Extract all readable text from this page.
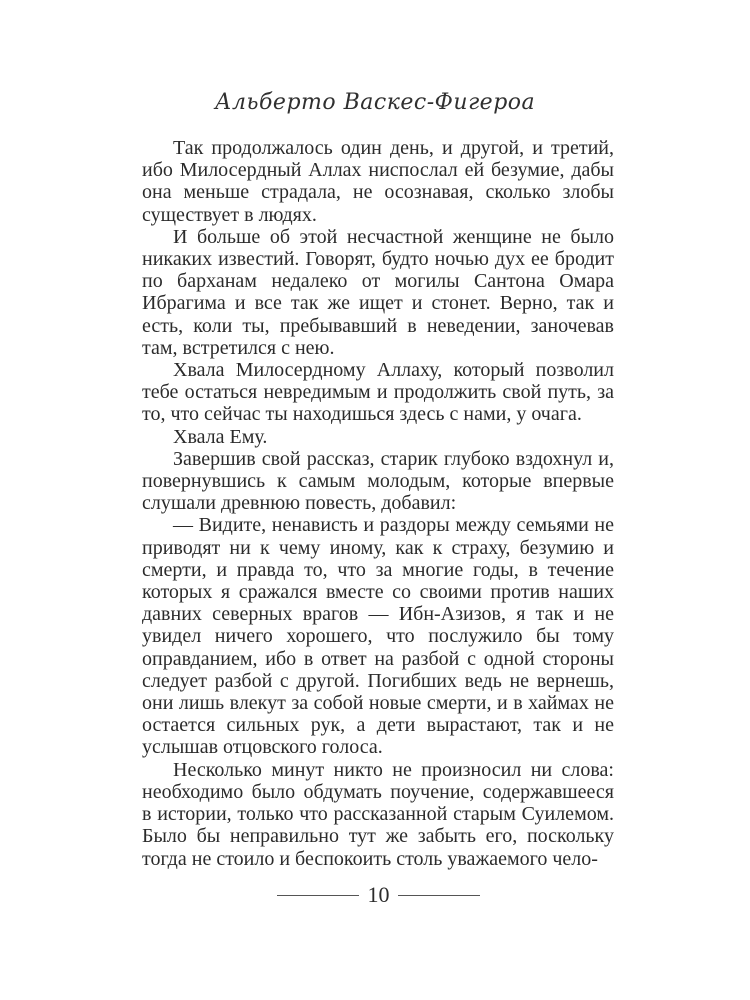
Альберто Васкес-Фигероа

Так продолжалось один день, и другой, и третий, ибо Милосердный Аллах ниспослал ей безумие, дабы она меньше страдала, не осознавая, сколько злобы существует в людях.

И больше об этой несчастной женщине не было никаких известий. Говорят, будто ночью дух ее бродит по барханам недалеко от могилы Сантона Омара Ибрагима и все так же ищет и стонет. Верно, так и есть, коли ты, пребывавший в неведении, заночевав там, встретился с нею.

Хвала Милосердному Аллаху, который позволил тебе остаться невредимым и продолжить свой путь, за то, что сейчас ты находишься здесь с нами, у очага.

Хвала Ему.

Завершив свой рассказ, старик глубоко вздохнул и, повернувшись к самым молодым, которые впервые слушали древнюю повесть, добавил:

— Видите, ненависть и раздоры между семьями не приводят ни к чему иному, как к страху, безумию и смерти, и правда то, что за многие годы, в течение которых я сражался вместе со своими против наших давних северных врагов — Ибн-Азизов, я так и не увидел ничего хорошего, что послужило бы тому оправданием, ибо в ответ на разбой с одной стороны следует разбой с другой. Погибших ведь не вернешь, они лишь влекут за собой новые смерти, и в хаймах не остается сильных рук, а дети вырастают, так и не услышав отцовского голоса.

Несколько минут никто не произносил ни слова: необходимо было обдумать поучение, содержавшееся в истории, только что рассказанной старым Суилемом. Было бы неправильно тут же забыть его, поскольку тогда не стоило и беспокоить столь уважаемого чело-

10
